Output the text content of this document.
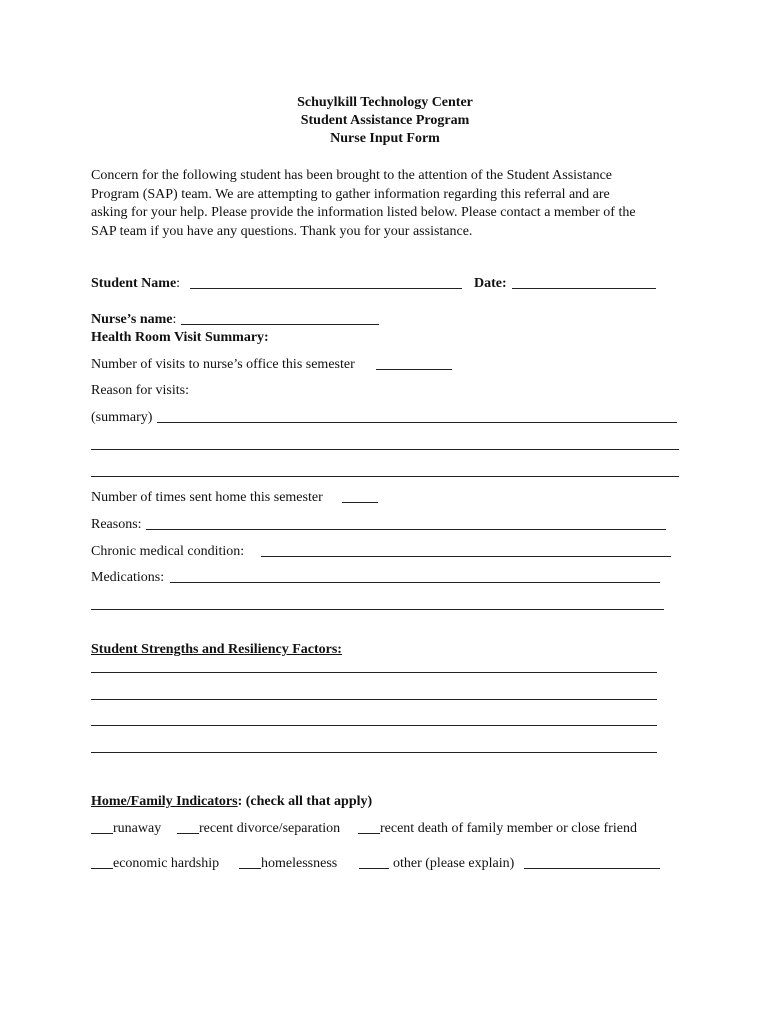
Schuylkill Technology Center
Student Assistance Program
Nurse Input Form
Concern for the following student has been brought to the attention of the Student Assistance
Program (SAP) team. We are attempting to gather information regarding this referral and are
asking for your help. Please provide the information listed below. Please contact a member of the
SAP team if you have any questions. Thank you for your assistance.
Student Name:	Date:
Nurse’s name:
Health Room Visit Summary:
Number of visits to nurse’s office this semester
Reason for visits:
(summary)
Number of times sent home this semester
Reasons:
Chronic medical condition:
Medications:
Student Strengths and Resiliency Factors:
Home/Family Indicators: (check all that apply)
runaway	recent divorce/separation	recent death of family member or close friend
economic hardship	homelessness	other (please explain)
